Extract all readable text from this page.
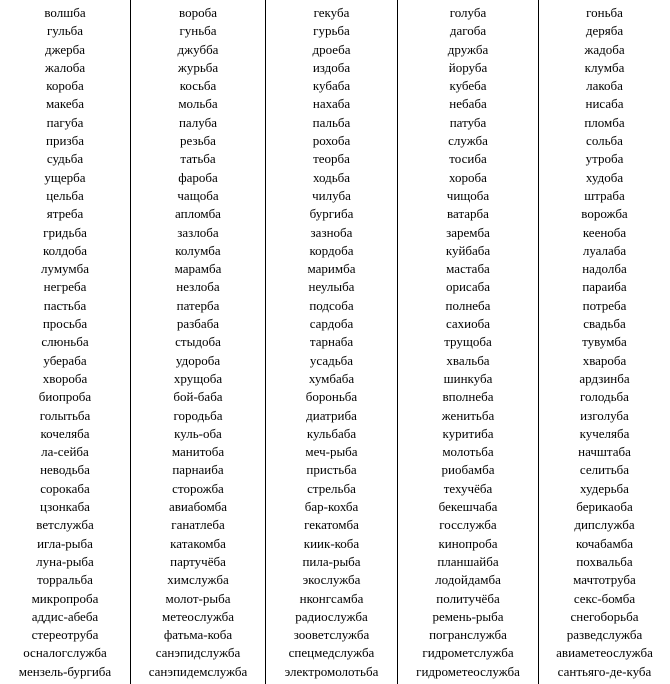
волшба
гульба
джерба
жалоба
короба
макеба
пагуба
призба
судьба
ущерба
цельба
ятреба
гридьба
колдоба
лумумба
негреба
пастьба
просьба
слюньба
убераба
хвороба
биопроба
голытьба
кочеляба
ла-сейба
неводьба
сорокаба
цзонкаба
ветслужба
игла-рыба
луна-рыба
торральба
микропроба
аддис-абеба
стереотруба
осналогслужба
мензель-бургиба
вороба
гуньба
джубба
журьба
косьба
мольба
палуба
резьба
татьба
фароба
чащоба
апломба
зазлоба
колумба
марамба
незлоба
патерба
разбаба
стыдоба
удороба
хрущоба
бой-баба
городьба
куль-оба
манитоба
парнаиба
сторожба
авиабомба
ганатлеба
катакомба
партучёба
химслужба
молот-рыба
метеослужба
фатьма-коба
санэпидслужба
санэпидемслужба
гекуба
гурьба
дроеба
издоба
кубаба
нахаба
пальба
рохоба
теорба
ходьба
чилуба
бургиба
зазноба
кордоба
маримба
неулыба
подсоба
сардоба
тарнаба
усадьба
хумбаба
бороньба
диатриба
кульбаба
меч-рыба
пристьба
стрельба
бар-кохба
гекатомба
киик-коба
пила-рыба
экослужба
нконгсамба
радиослужба
зооветслужба
спецмедслужба
электромолотьба
голуба
дагоба
дружба
йоруба
кубеба
небаба
патуба
служба
тосиба
хороба
чищоба
ватарба
заремба
куйбаба
мастаба
орисаба
полнеба
сахиоба
трущоба
хвальба
шинкуба
вполнеба
женитьба
куритиба
молотьба
риобамба
техучёба
бекешчаба
госслужба
кинопроба
планшайба
лодойдамба
политучёба
ремень-рыба
погранслужба
гидрометслужба
гидрометеослужба
гоньба
деряба
жадоба
клумба
лакоба
нисаба
пломба
сольба
утроба
худоба
штраба
ворожба
кееноба
луалаба
надолба
параиба
потреба
свадьба
тувумба
хвароба
ардзинба
голодьба
изголуба
кучеляба
начштаба
селитьба
худерьба
берикаоба
дипслужба
кочабамба
похвальба
мачтотруба
секс-бомба
снегоборьба
разведслужба
авиаметеослужба
сантьяго-де-куба
